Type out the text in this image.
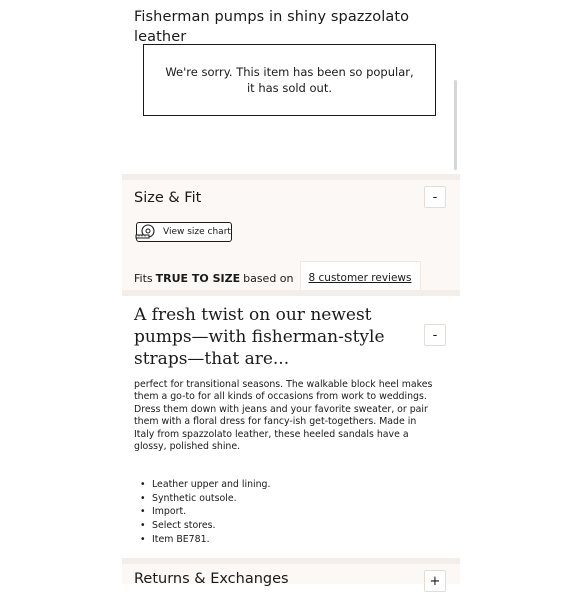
Fisherman pumps in shiny spazzolato leather
We're sorry. This item has been so popular, it has sold out.
Size & Fit	-
View size chart
Fits TRUE TO SIZE based on	8 customer reviews
A fresh twist on our newest pumps—with fisherman-style straps—that are...
-
perfect for transitional seasons. The walkable block heel makes them a go-to for all kinds of occasions from work to weddings. Dress them down with jeans and your favorite sweater, or pair them with a floral dress for fancy-ish get-togethers. Made in Italy from spazzolato leather, these heeled sandals have a glossy, polished shine.
• Leather upper and lining.
• Synthetic outsole.
• Import.
• Select stores.
• Item BE781.
Returns & Exchanges	+
